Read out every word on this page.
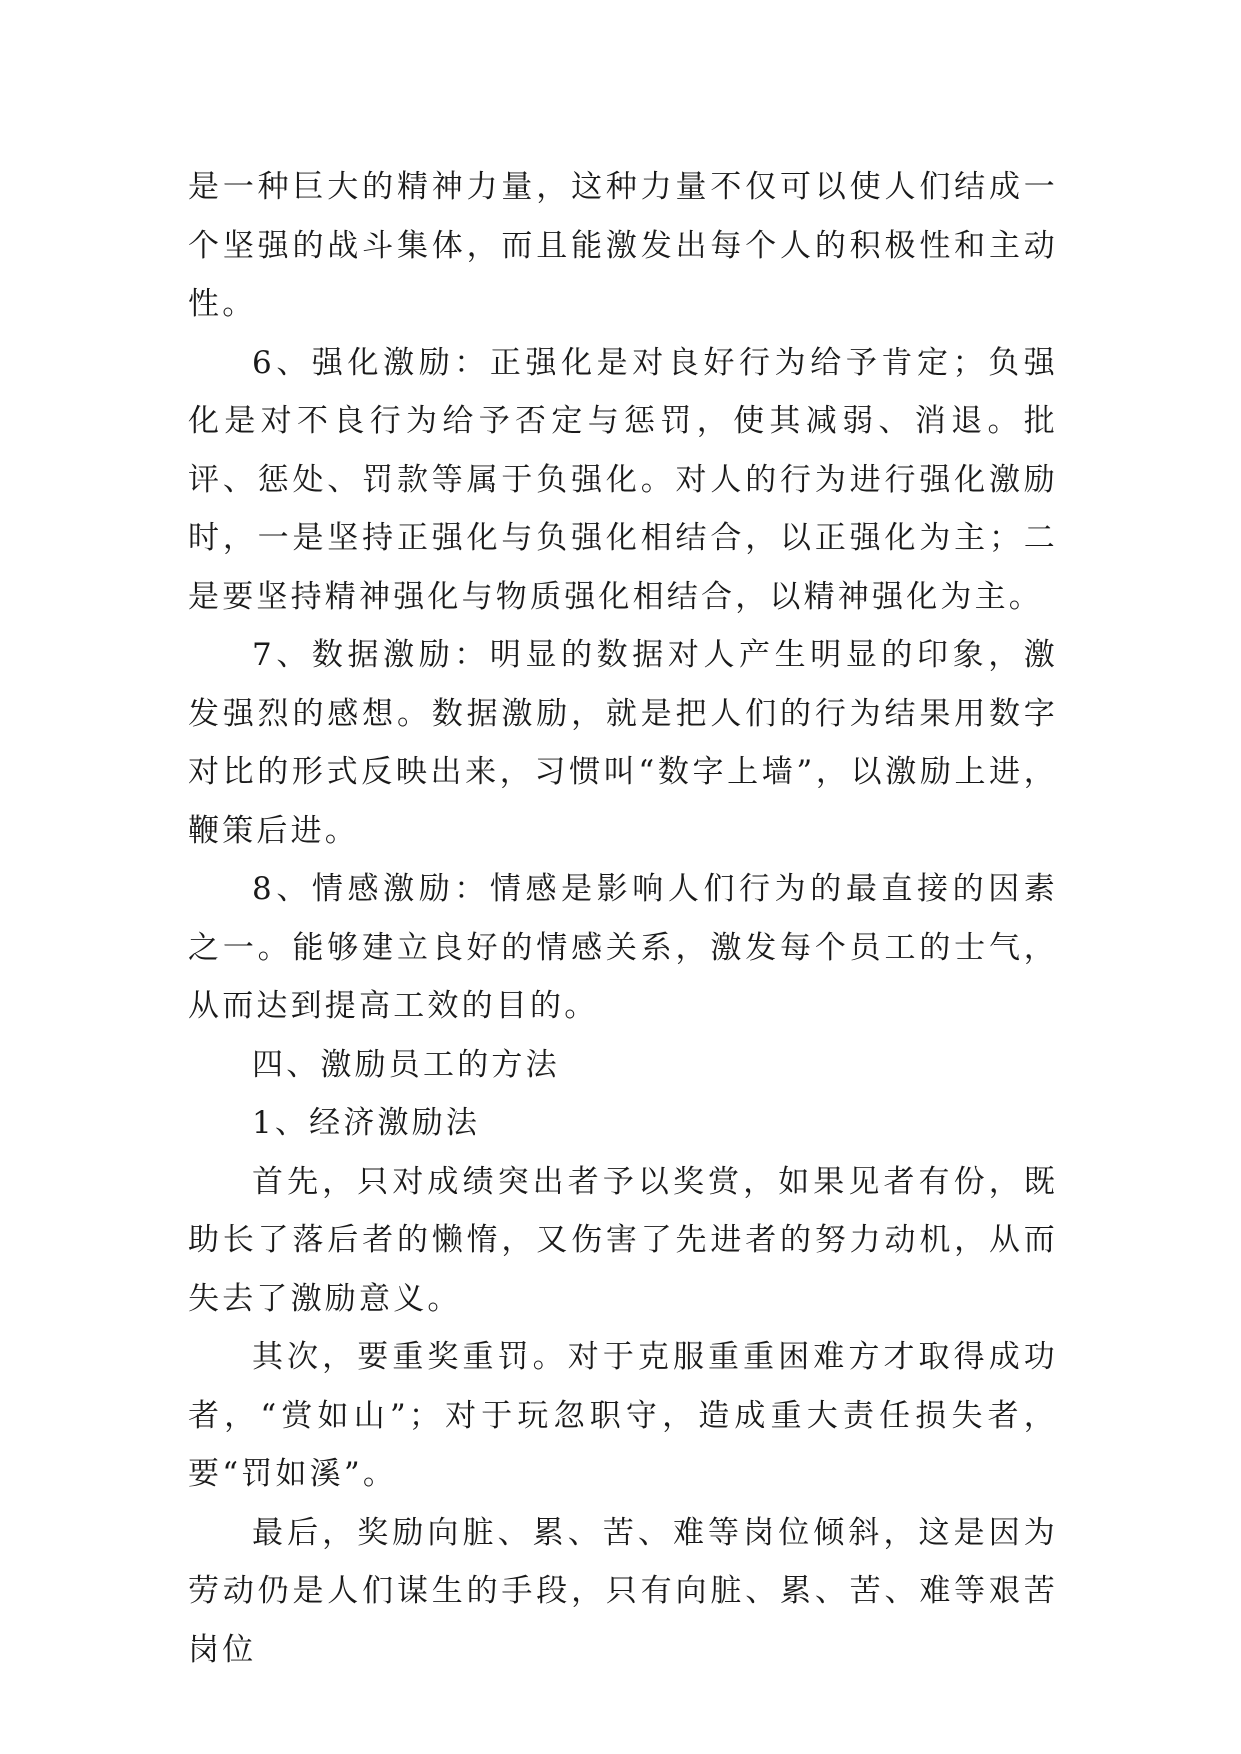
是一种巨大的精神力量，这种力量不仅可以使人们结成一个坚强的战斗集体，而且能激发出每个人的积极性和主动性。

6、强化激励：正强化是对良好行为给予肯定；负强化是对不良行为给予否定与惩罚，使其减弱、消退。批评、惩处、罚款等属于负强化。对人的行为进行强化激励时，一是坚持正强化与负强化相结合，以正强化为主；二是要坚持精神强化与物质强化相结合，以精神强化为主。

7、数据激励：明显的数据对人产生明显的印象，激发强烈的感想。数据激励，就是把人们的行为结果用数字对比的形式反映出来，习惯叫“数字上墙”，以激励上进，鞭策后进。

8、情感激励：情感是影响人们行为的最直接的因素之一。能够建立良好的情感关系，激发每个员工的士气，从而达到提高工效的目的。

四、激励员工的方法

1、经济激励法

首先，只对成绩突出者予以奖赏，如果见者有份，既助长了落后者的懒惰，又伤害了先进者的努力动机，从而失去了激励意义。

其次，要重奖重罚。对于克服重重困难方才取得成功者，“赏如山”；对于玩忽职守，造成重大责任损失者，要“罚如溪”。

最后，奖励向脏、累、苦、难等岗位倾斜，这是因为劳动仍是人们谋生的手段，只有向脏、累、苦、难等艰苦岗位
